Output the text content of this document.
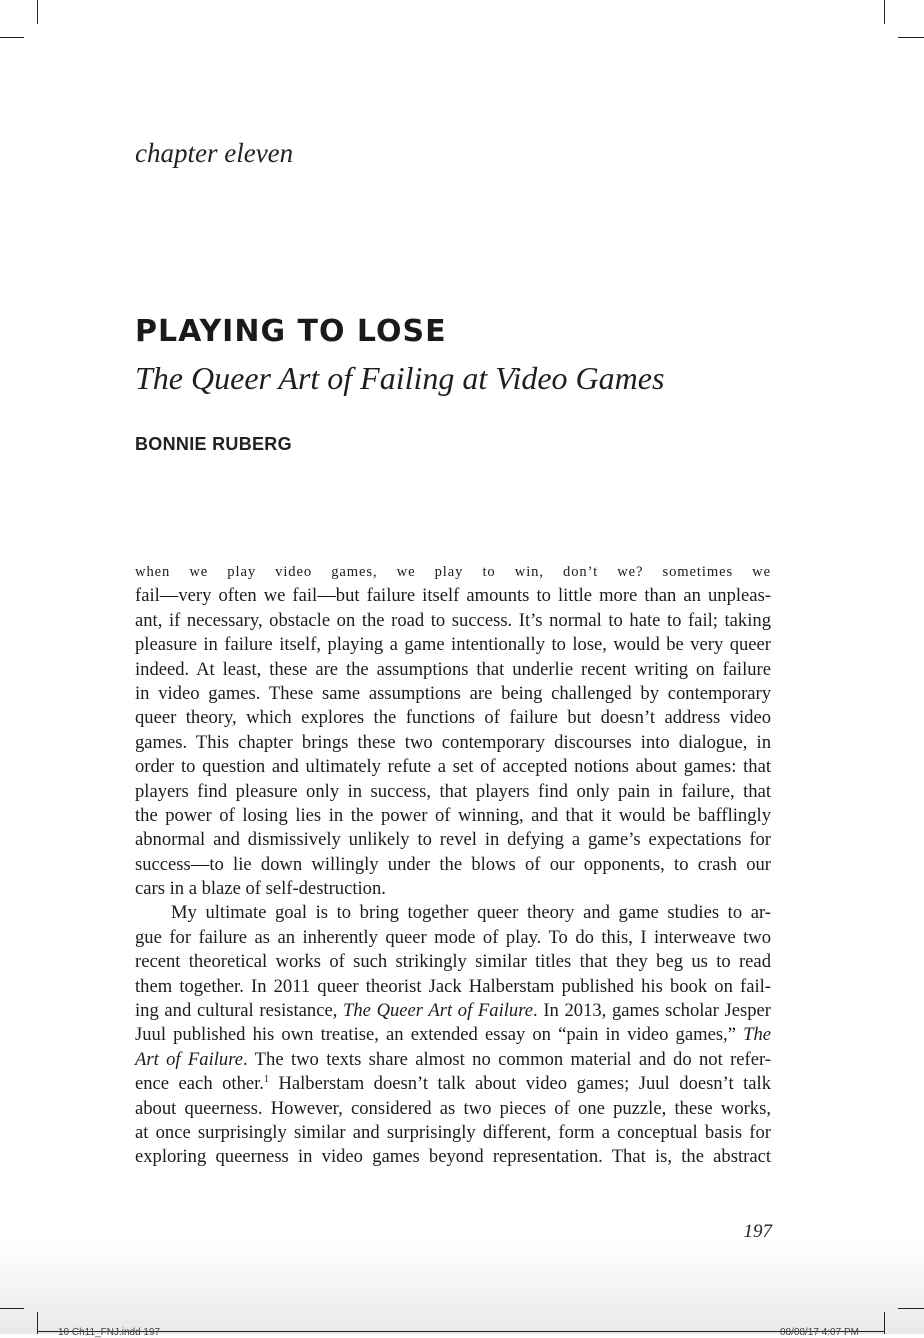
chapter eleven
PLAYING TO LOSE
The Queer Art of Failing at Video Games
BONNIE RUBERG
when we play video games, we play to win, don’t we? sometimes we
fail—very often we fail—but failure itself amounts to little more than an unpleas-
ant, if necessary, obstacle on the road to success. It’s normal to hate to fail; taking
pleasure in failure itself, playing a game intentionally to lose, would be very queer
indeed. At least, these are the assumptions that underlie recent writing on failure
in video games. These same assumptions are being challenged by contemporary
queer theory, which explores the functions of failure but doesn’t address video
games. This chapter brings these two contemporary discourses into dialogue, in
order to question and ultimately refute a set of accepted notions about games: that
players find pleasure only in success, that players find only pain in failure, that
the power of losing lies in the power of winning, and that it would be bafflingly
abnormal and dismissively unlikely to revel in defying a game’s expectations for
success—to lie down willingly under the blows of our opponents, to crash our
cars in a blaze of self-destruction.
My ultimate goal is to bring together queer theory and game studies to ar-
gue for failure as an inherently queer mode of play. To do this, I interweave two
recent theoretical works of such strikingly similar titles that they beg us to read
them together. In 2011 queer theorist Jack Halberstam published his book on fail-
ing and cultural resistance, The Queer Art of Failure. In 2013, games scholar Jesper
Juul published his own treatise, an extended essay on “pain in video games,” The
Art of Failure. The two texts share almost no common material and do not refer-
ence each other.$^1$ Halberstam doesn’t talk about video games; Juul doesn’t talk
about queerness. However, considered as two pieces of one puzzle, these works,
at once surprisingly similar and surprisingly different, form a conceptual basis for
exploring queerness in video games beyond representation. That is, the abstract
197
10 Ch11_FNJ.indd 197	08/08/17 4:07 PM
